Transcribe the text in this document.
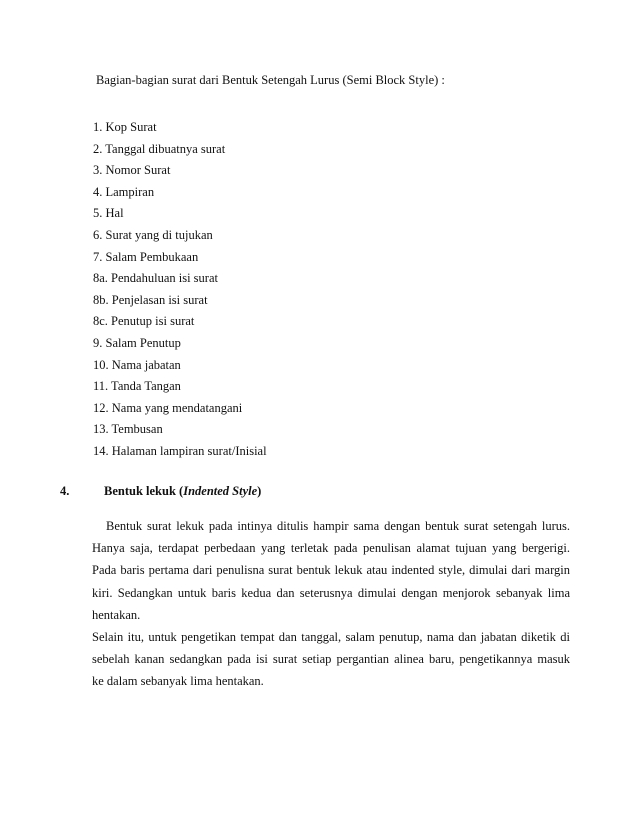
Bagian-bagian surat dari Bentuk Setengah Lurus (Semi Block Style) :
1. Kop Surat
2. Tanggal dibuatnya surat
3. Nomor Surat
4. Lampiran
5. Hal
6. Surat yang di tujukan
7. Salam Pembukaan
8a. Pendahuluan isi surat
8b. Penjelasan isi surat
8c. Penutup isi surat
9. Salam Penutup
10. Nama jabatan
11. Tanda Tangan
12. Nama yang mendatangani
13. Tembusan
14. Halaman lampiran surat/Inisial
4.	Bentuk lekuk (Indented Style)

Bentuk surat lekuk pada intinya ditulis hampir sama dengan bentuk surat setengah lurus.
Hanya saja, terdapat perbedaan yang terletak pada penulisan alamat tujuan yang bergerigi.
Pada baris pertama dari penulisna surat bentuk lekuk atau indented style, dimulai dari margin
kiri. Sedangkan untuk baris kedua dan seterusnya dimulai dengan menjorok sebanyak lima
hentakan.

Selain itu, untuk pengetikan tempat dan tanggal, salam penutup, nama dan jabatan diketik di
sebelah kanan sedangkan pada isi surat setiap pergantian alinea baru, pengetikannya masuk
ke dalam sebanyak lima hentakan.
